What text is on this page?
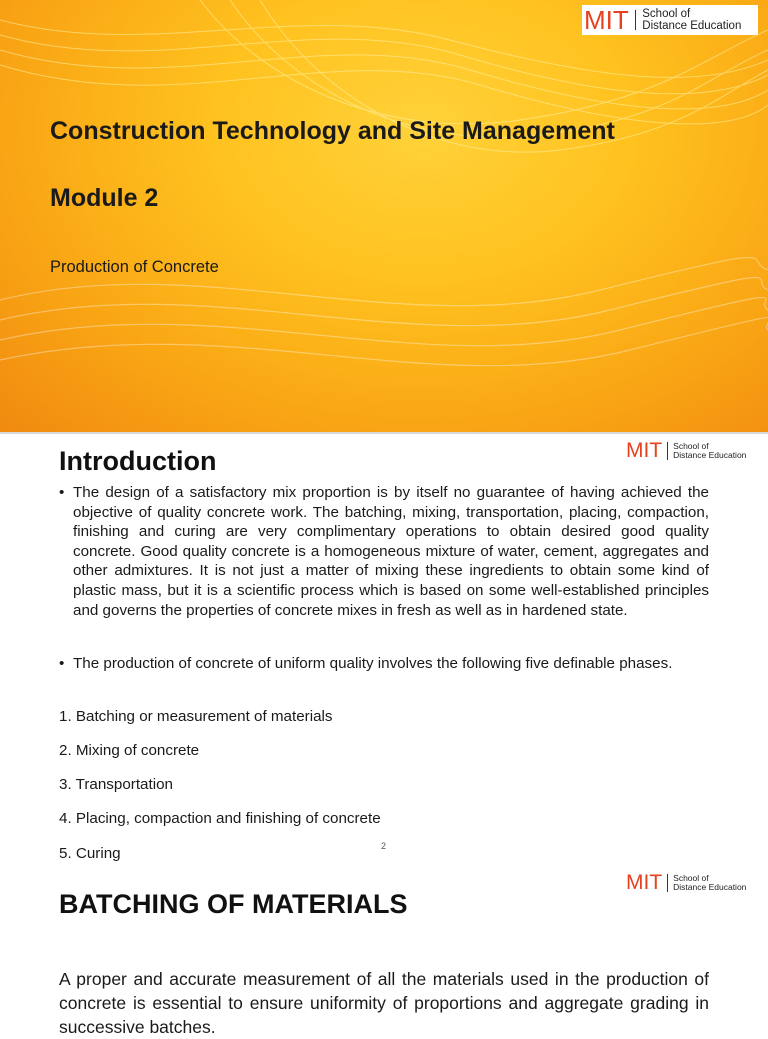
MIT School of
Distance Education
Construction Technology and Site Management
Module 2
Production of Concrete
MIT School of
Distance Education
Introduction
• The design of a satisfactory mix proportion is by itself no guarantee of having achieved the objective of quality concrete work. The batching, mixing, transportation, placing, compaction, finishing and curing are very complimentary operations to obtain desired good quality concrete. Good quality concrete is a homogeneous mixture of water, cement, aggregates and other admixtures. It is not just a matter of mixing these ingredients to obtain some kind of plastic mass, but it is a scientific process which is based on some well-established principles and governs the properties of concrete mixes in fresh as well as in hardened state.
• The production of concrete of uniform quality involves the following five definable phases.
1. Batching or measurement of materials
2. Mixing of concrete
3. Transportation
4. Placing, compaction and finishing of concrete
5. Curing	2
MIT School of
Distance Education
BATCHING OF MATERIALS
A proper and accurate measurement of all the materials used in the production of concrete is essential to ensure uniformity of proportions and aggregate grading in successive batches.
